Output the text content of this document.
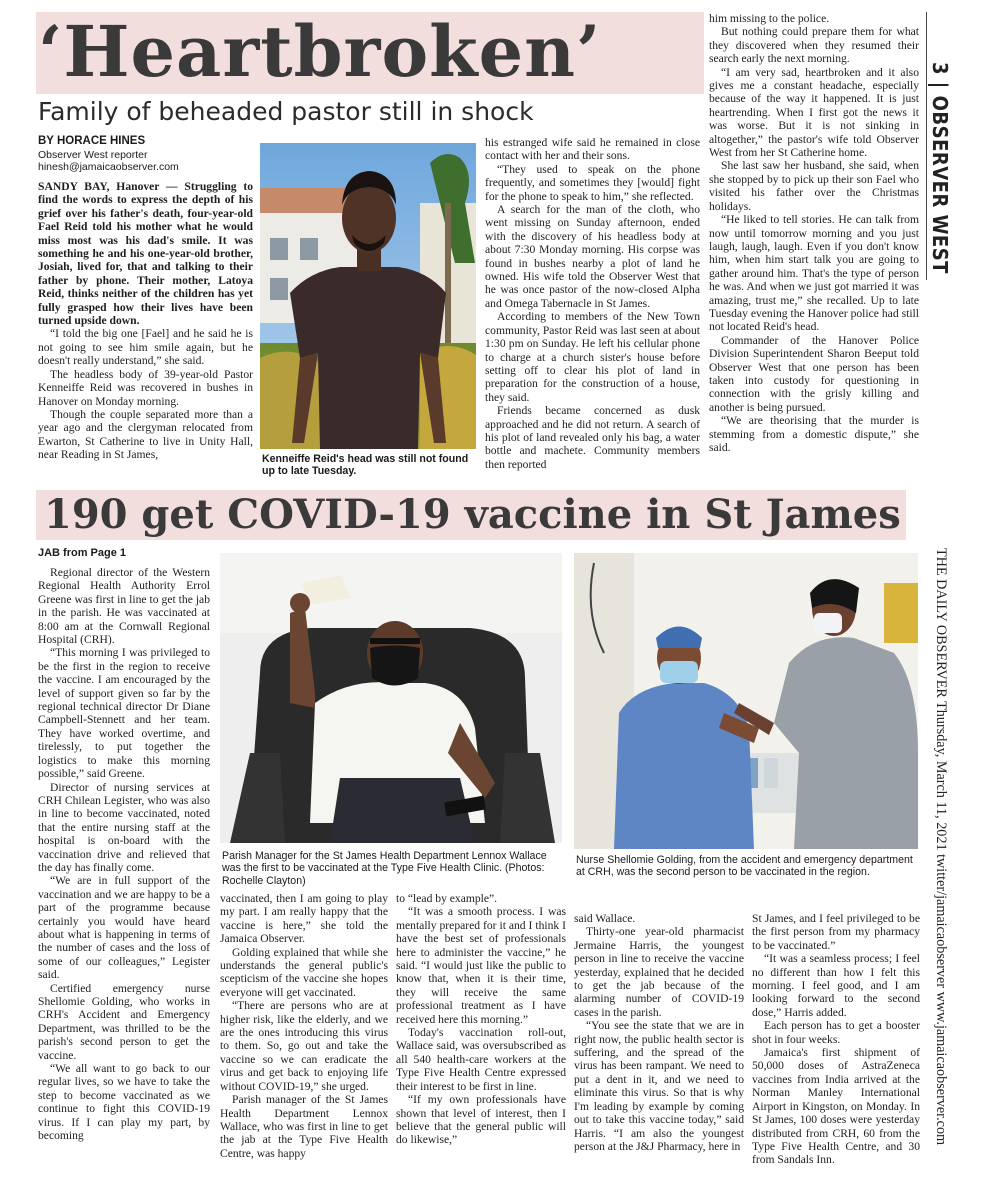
‘Heartbroken’
Family of beheaded pastor still in shock
BY HORACE HINES
Observer West reporter
hinesh@jamaicaobserver.com

SANDY BAY, Hanover — Struggling to find the words to express the depth of his grief over his father's death, four-year-old Fael Reid told his mother what he would miss most was his dad's smile. It was something he and his one-year-old brother, Josiah, lived for, that and talking to their father by phone. Their mother, Latoya Reid, thinks neither of the children has yet fully grasped how their lives have been turned upside down.

“I told the big one [Fael] and he said he is not going to see him smile again, but he doesn't really understand,” she said.

The headless body of 39-year-old Pastor Kenneiffe Reid was recovered in bushes in Hanover on Monday morning.

Though the couple separated more than a year ago and the clergyman relocated from Ewarton, St Catherine to live in Unity Hall, near Reading in St James,	Kenneiffe Reid's head was still not found up to late Tuesday.

his estranged wife said he remained in close contact with her and their sons.

“They used to speak on the phone frequently, and sometimes they [would] fight for the phone to speak to him,” she reflected.

A search for the man of the cloth, who went missing on Sunday afternoon, ended with the discovery of his headless body at about 7:30 Monday morning. His corpse was found in bushes nearby a plot of land he owned. His wife told the Observer West that he was once pastor of the now-closed Alpha and Omega Tabernacle in St James.

According to members of the New Town community, Pastor Reid was last seen at about 1:30 pm on Sunday. He left his cellular phone to charge at a church sister's house before setting off to clear his plot of land in preparation for the construction of a house, they said.

Friends became concerned as dusk approached and he did not return. A search of his plot of land revealed only his bag, a water bottle and machete. Community members then reported

him missing to the police.

But nothing could prepare them for what they discovered when they resumed their search early the next morning.

“I am very sad, heartbroken and it also gives me a constant headache, especially because of the way it happened. It is just heartrending. When I first got the news it was worse. But it is not sinking in altogether,” the pastor's wife told Observer West from her St Catherine home.

She last saw her husband, she said, when she stopped by to pick up their son Fael who visited his father over the Christmas holidays.

“He liked to tell stories. He can talk from now until tomorrow morning and you just laugh, laugh, laugh. Even if you don't know him, when him start talk you are going to gather around him. That's the type of person he was. And when we just got married it was amazing, trust me,” she recalled. Up to late Tuesday evening the Hanover police had still not located Reid's head.

Commander of the Hanover Police Division Superintendent Sharon Beeput told Observer West that one person has been taken into custody for questioning in connection with the grisly killing and another is being pursued.

“We are theorising that the murder is stemming from a domestic dispute,” she said.

190 get COVID-19 vaccine in St James
JAB from Page 1

Regional director of the Western Regional Health Authority Errol Greene was first in line to get the jab in the parish. He was vaccinated at 8:00 am at the Cornwall Regional Hospital (CRH).

“This morning I was privileged to be the first in the region to receive the vaccine. I am encouraged by the level of support given so far by the regional technical director Dr Diane Campbell-Stennett and her team. They have worked overtime, and tirelessly, to put together the logistics to make this morning possible,” said Greene.

Director of nursing services at CRH Chilean Legister, who was also in line to become vaccinated, noted that the entire nursing staff at the hospital is on-board with the vaccination drive and relieved that the day has finally come.

“We are in full support of the vaccination and we are happy to be a part of the programme because certainly you would have heard about what is happening in terms of the number of cases and the loss of some of our colleagues,” Legister said.

Certified emergency nurse Shellomie Golding, who works in CRH's Accident and Emergency Department, was thrilled to be the parish's second person to get the vaccine.

“We all want to go back to our regular lives, so we have to take the step to become vaccinated as we continue to fight this COVID-19 virus. If I can play my part, by becoming

Parish Manager for the St James Health Department Lennox Wallace was the first to be vaccinated at the Type Five Health Clinic. (Photos: Rochelle Clayton)
Nurse Shellomie Golding, from the accident and emergency department at CRH, was the second person to be vaccinated in the region.

vaccinated, then I am going to play my part. I am really happy that the vaccine is here,” she told the Jamaica Observer.

Golding explained that while she understands the general public's scepticism of the vaccine she hopes everyone will get vaccinated.

“There are persons who are at higher risk, like the elderly, and we are the ones introducing this virus to them. So, go out and take the vaccine so we can eradicate the virus and get back to enjoying life without COVID-19,” she urged.

Parish manager of the St James Health Department Lennox Wallace, who was first in line to get the jab at the Type Five Health Centre, was happy

to “lead by example”.

“It was a smooth process. I was mentally prepared for it and I think I have the best set of professionals here to administer the vaccine,” he said. “I would just like the public to know that, when it is their time, they will receive the same professional treatment as I have received here this morning.”

Today's vaccination roll-out, Wallace said, was oversubscribed as all 540 health-care workers at the Type Five Health Centre expressed their interest to be first in line.

“If my own professionals have shown that level of interest, then I believe that the general public will do likewise,”

said Wallace.

Thirty-one year-old pharmacist Jermaine Harris, the youngest person in line to receive the vaccine yesterday, explained that he decided to get the jab because of the alarming number of COVID-19 cases in the parish.

“You see the state that we are in right now, the public health sector is suffering, and the spread of the virus has been rampant. We need to put a dent in it, and we need to eliminate this virus. So that is why I'm leading by example by coming out to take this vaccine today,” said Harris. “I am also the youngest person at the J&J Pharmacy, here in

St James, and I feel privileged to be the first person from my pharmacy to be vaccinated.”

“It was a seamless process; I feel no different than how I felt this morning. I feel good, and I am looking forward to the second dose,” Harris added.

Each person has to get a booster shot in four weeks.

Jamaica's first shipment of 50,000 doses of AstraZeneca vaccines from India arrived at the Norman Manley International Airport in Kingston, on Monday. In St James, 100 doses were yesterday distributed from CRH, 60 from the Type Five Health Centre, and 30 from Sandals Inn.

3 | OBSERVER WEST
THE DAILY OBSERVER Thursday, March 11, 2021 twitter/jamaicaobserver www.jamaicaobserver.com
